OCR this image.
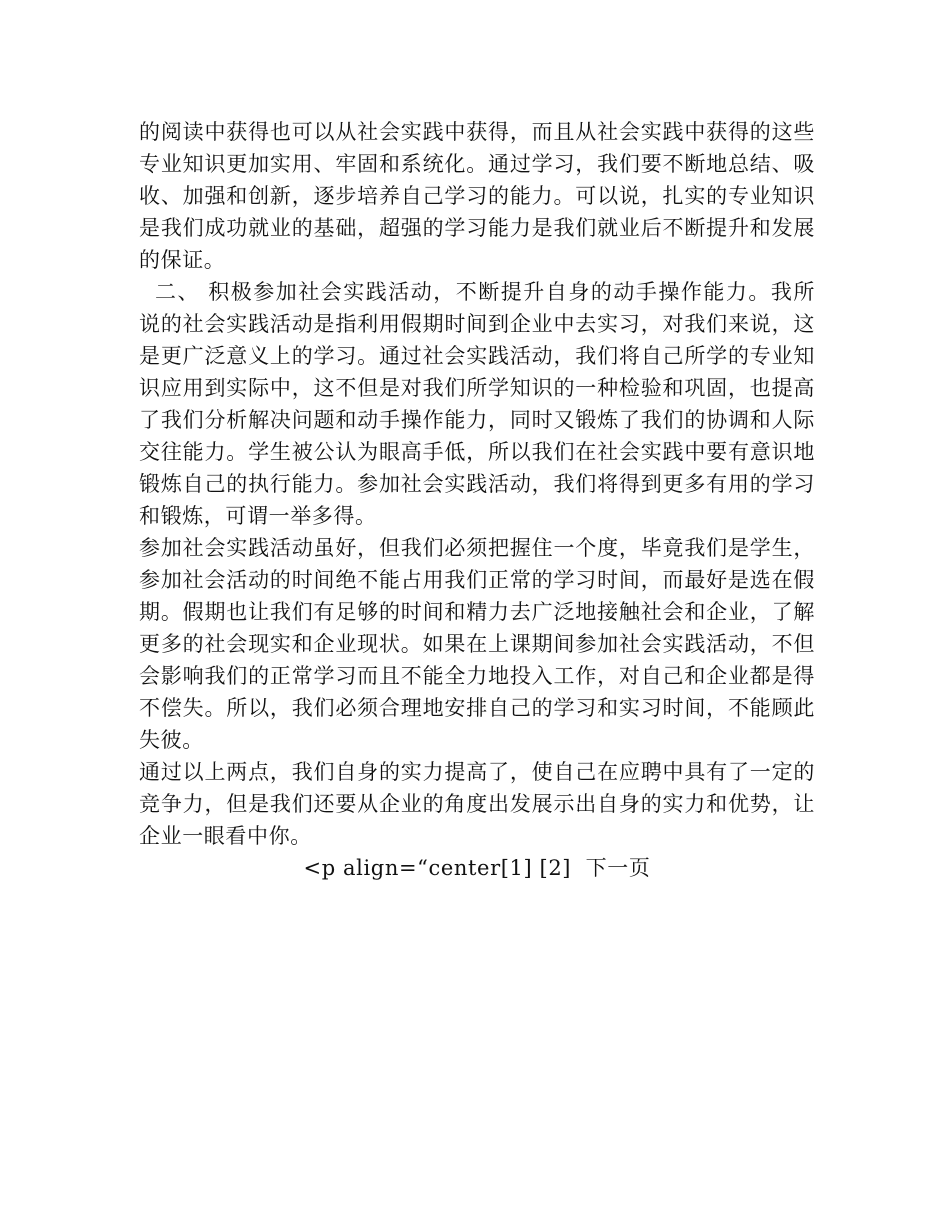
的阅读中获得也可以从社会实践中获得，而且从社会实践中获得的这些
专业知识更加实用、牢固和系统化。通过学习，我们要不断地总结、吸
收、加强和创新，逐步培养自己学习的能力。可以说，扎实的专业知识
是我们成功就业的基础，超强的学习能力是我们就业后不断提升和发展
的保证。
二、 积极参加社会实践活动，不断提升自身的动手操作能力。我所
说的社会实践活动是指利用假期时间到企业中去实习，对我们来说，这
是更广泛意义上的学习。通过社会实践活动，我们将自己所学的专业知
识应用到实际中，这不但是对我们所学知识的一种检验和巩固，也提高
了我们分析解决问题和动手操作能力，同时又锻炼了我们的协调和人际
交往能力。学生被公认为眼高手低，所以我们在社会实践中要有意识地
锻炼自己的执行能力。参加社会实践活动，我们将得到更多有用的学习
和锻炼，可谓一举多得。
参加社会实践活动虽好，但我们必须把握住一个度，毕竟我们是学生，
参加社会活动的时间绝不能占用我们正常的学习时间，而最好是选在假
期。假期也让我们有足够的时间和精力去广泛地接触社会和企业，了解
更多的社会现实和企业现状。如果在上课期间参加社会实践活动，不但
会影响我们的正常学习而且不能全力地投入工作，对自己和企业都是得
不偿失。所以，我们必须合理地安排自己的学习和实习时间，不能顾此
失彼。
通过以上两点，我们自身的实力提高了，使自己在应聘中具有了一定的
竞争力，但是我们还要从企业的角度出发展示出自身的实力和优势，让
企业一眼看中你。
<p align=“center[1] [2] 下一页
